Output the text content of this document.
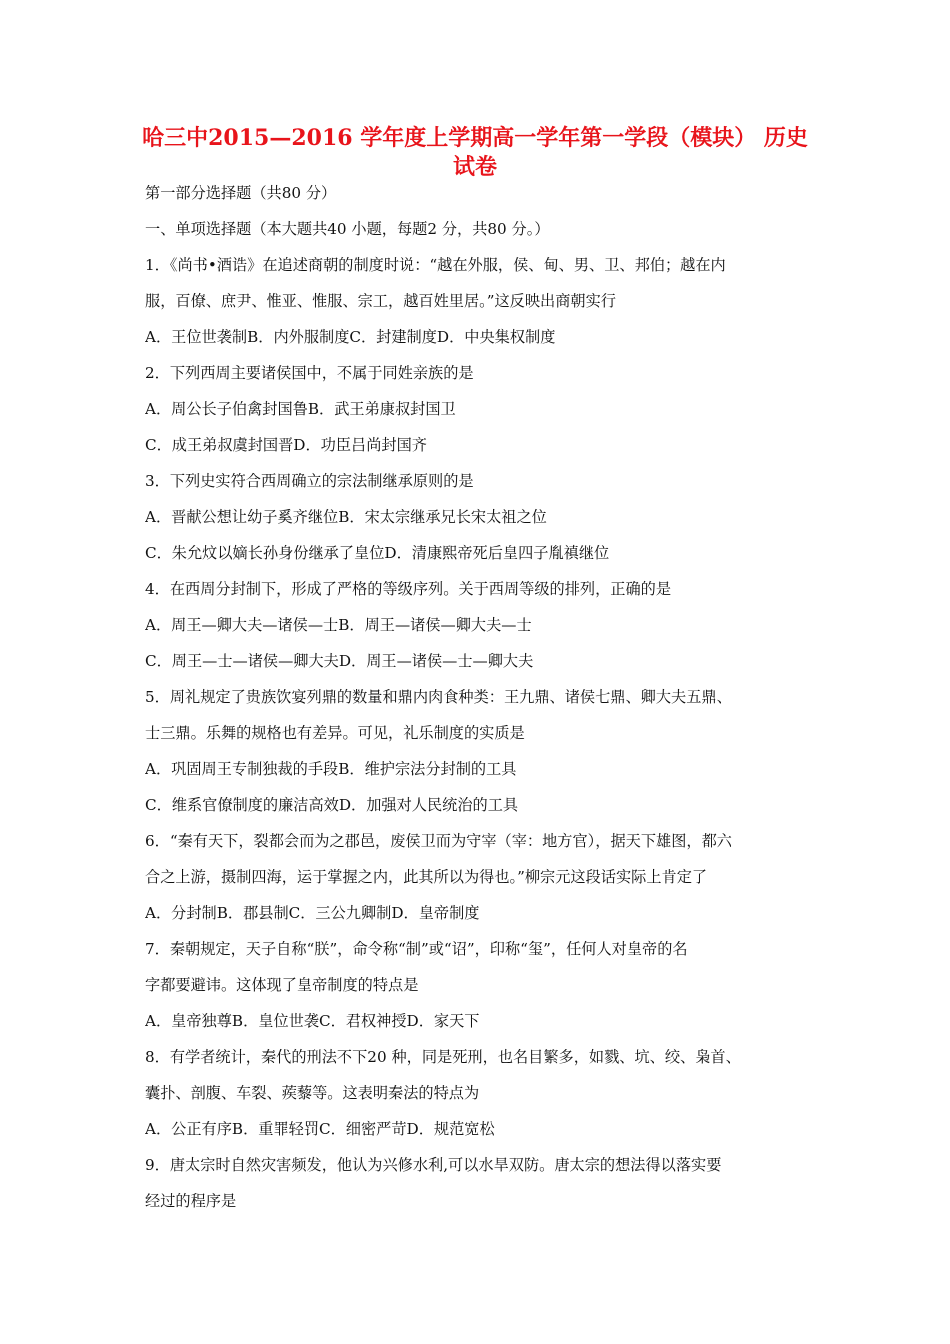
哈三中2015—2016 学年度上学期高一学年第一学段（模块） 历史试卷
第一部分选择题（共80 分）
一、单项选择题（本大题共40 小题，每题2 分，共80 分。）
1．《尚书•酒诰》在追述商朝的制度时说：“越在外服，侯、甸、男、卫、邦伯；越在内
服，百僚、庶尹、惟亚、惟服、宗工，越百姓里居。”这反映出商朝实行
A．王位世袭制B．内外服制度C．封建制度D．中央集权制度
2．下列西周主要诸侯国中，不属于同姓亲族的是
A．周公长子伯禽封国鲁B．武王弟康叔封国卫
C．成王弟叔虞封国晋D．功臣吕尚封国齐
3．下列史实符合西周确立的宗法制继承原则的是
A．晋献公想让幼子奚齐继位B．宋太宗继承兄长宋太祖之位
C．朱允炆以嫡长孙身份继承了皇位D．清康熙帝死后皇四子胤禛继位
4．在西周分封制下，形成了严格的等级序列。关于西周等级的排列，正确的是
A．周王—卿大夫—诸侯—士B．周王—诸侯—卿大夫—士
C．周王—士—诸侯—卿大夫D．周王—诸侯—士—卿大夫
5．周礼规定了贵族饮宴列鼎的数量和鼎内肉食种类：王九鼎、诸侯七鼎、卿大夫五鼎、
士三鼎。乐舞的规格也有差异。可见，礼乐制度的实质是
A．巩固周王专制独裁的手段B．维护宗法分封制的工具
C．维系官僚制度的廉洁高效D．加强对人民统治的工具
6．“秦有天下，裂都会而为之郡邑，废侯卫而为守宰（宰：地方官），据天下雄图，都六
合之上游，摄制四海，运于掌握之内，此其所以为得也。”柳宗元这段话实际上肯定了
A．分封制B．郡县制C．三公九卿制D．皇帝制度
7．秦朝规定，天子自称“朕”，命令称“制”或“诏”，印称“玺”，任何人对皇帝的名
字都要避讳。这体现了皇帝制度的特点是
A．皇帝独尊B．皇位世袭C．君权神授D．家天下
8．有学者统计，秦代的刑法不下20 种，同是死刑，也名目繁多，如戮、坑、绞、枭首、
囊扑、剖腹、车裂、蒺藜等。这表明秦法的特点为
A．公正有序B．重罪轻罚C．细密严苛D．规范宽松
9．唐太宗时自然灾害频发，他认为兴修水利,可以水旱双防。唐太宗的想法得以落实要
经过的程序是
